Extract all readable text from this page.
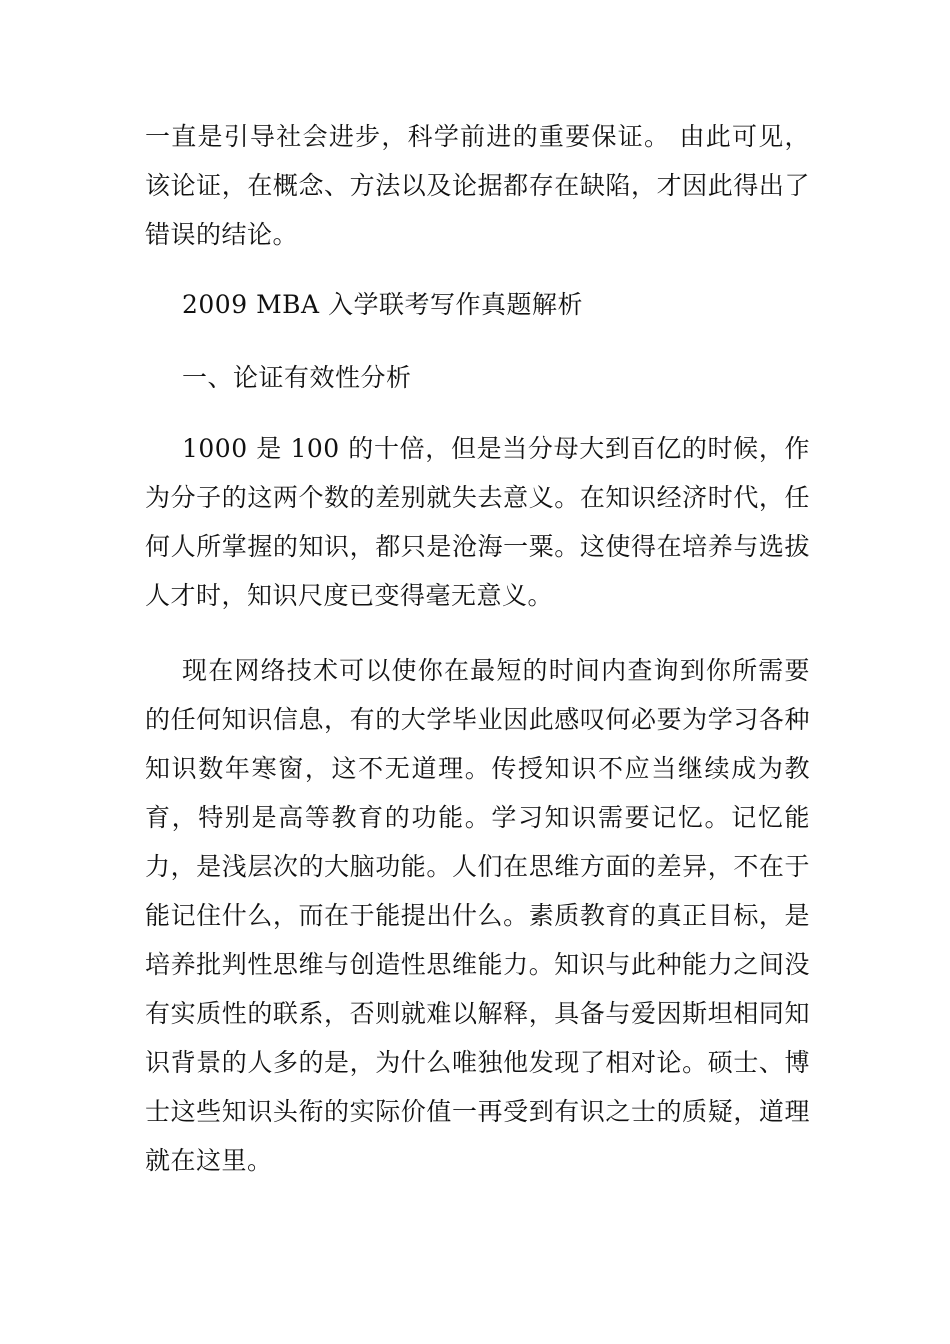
一直是引导社会进步，科学前进的重要保证。 由此可见，该论证，在概念、方法以及论据都存在缺陷，才因此得出了错误的结论。

2009 MBA 入学联考写作真题解析
一、论证有效性分析

1000 是 100 的十倍，但是当分母大到百亿的时候，作为分子的这两个数的差别就失去意义。在知识经济时代，任何人所掌握的知识，都只是沧海一粟。这使得在培养与选拔人才时，知识尺度已变得毫无意义。

现在网络技术可以使你在最短的时间内查询到你所需要的任何知识信息，有的大学毕业因此感叹何必要为学习各种知识数年寒窗，这不无道理。传授知识不应当继续成为教育，特别是高等教育的功能。学习知识需要记忆。记忆能力，是浅层次的大脑功能。人们在思维方面的差异，不在于能记住什么，而在于能提出什么。素质教育的真正目标，是培养批判性思维与创造性思维能力。知识与此种能力之间没有实质性的联系，否则就难以解释，具备与爱因斯坦相同知识背景的人多的是，为什么唯独他发现了相对论。硕士、博士这些知识头衔的实际价值一再受到有识之士的质疑，道理就在这里。
